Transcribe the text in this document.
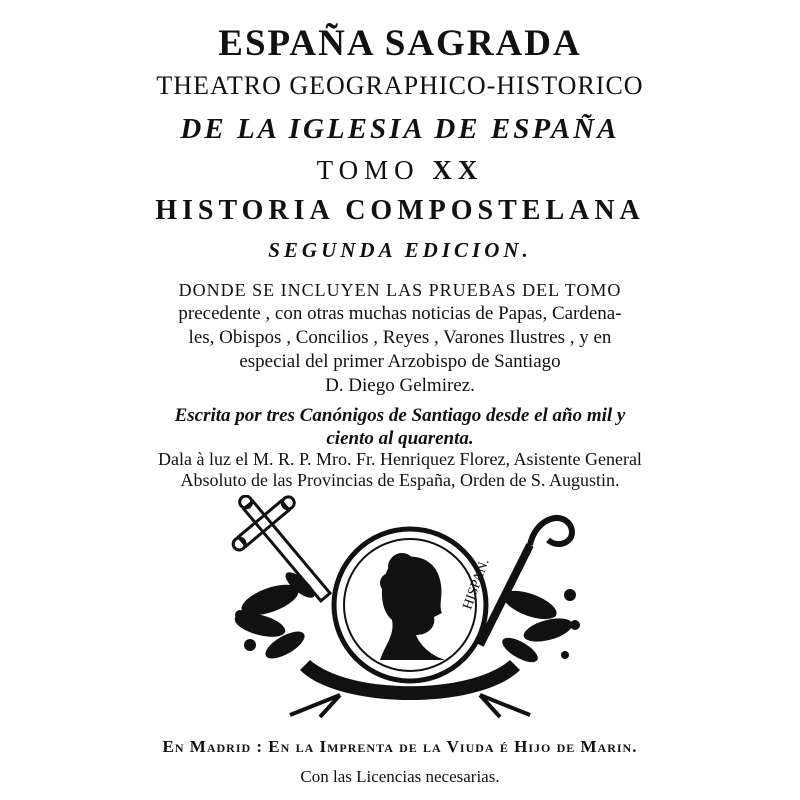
ESPAÑA SAGRADA
THEATRO GEOGRAPHICO-HISTORICO
DE LA IGLESIA DE ESPAÑA
TOMO XX
HISTORIA COMPOSTELANA
SEGUNDA EDICION.
DONDE SE INCLUYEN LAS PRUEBAS DEL TOMO
precedente , con otras muchas noticias de Papas, Cardena-
les, Obispos , Concilios , Reyes , Varones Ilustres , y en
especial del primer Arzobispo de Santiago
D. Diego Gelmirez.
Escrita por tres Canónigos de Santiago desde el año mil y
ciento al quarenta.
Dala à luz el M. R. P. Mro. Fr. Henriquez Florez, Asistente General
Absoluto de las Provincias de España, Orden de S. Augustin.
HISPAN.
En Madrid : En la Imprenta de la Viuda é Hijo de Marin.
Con las Licencias necesarias.
